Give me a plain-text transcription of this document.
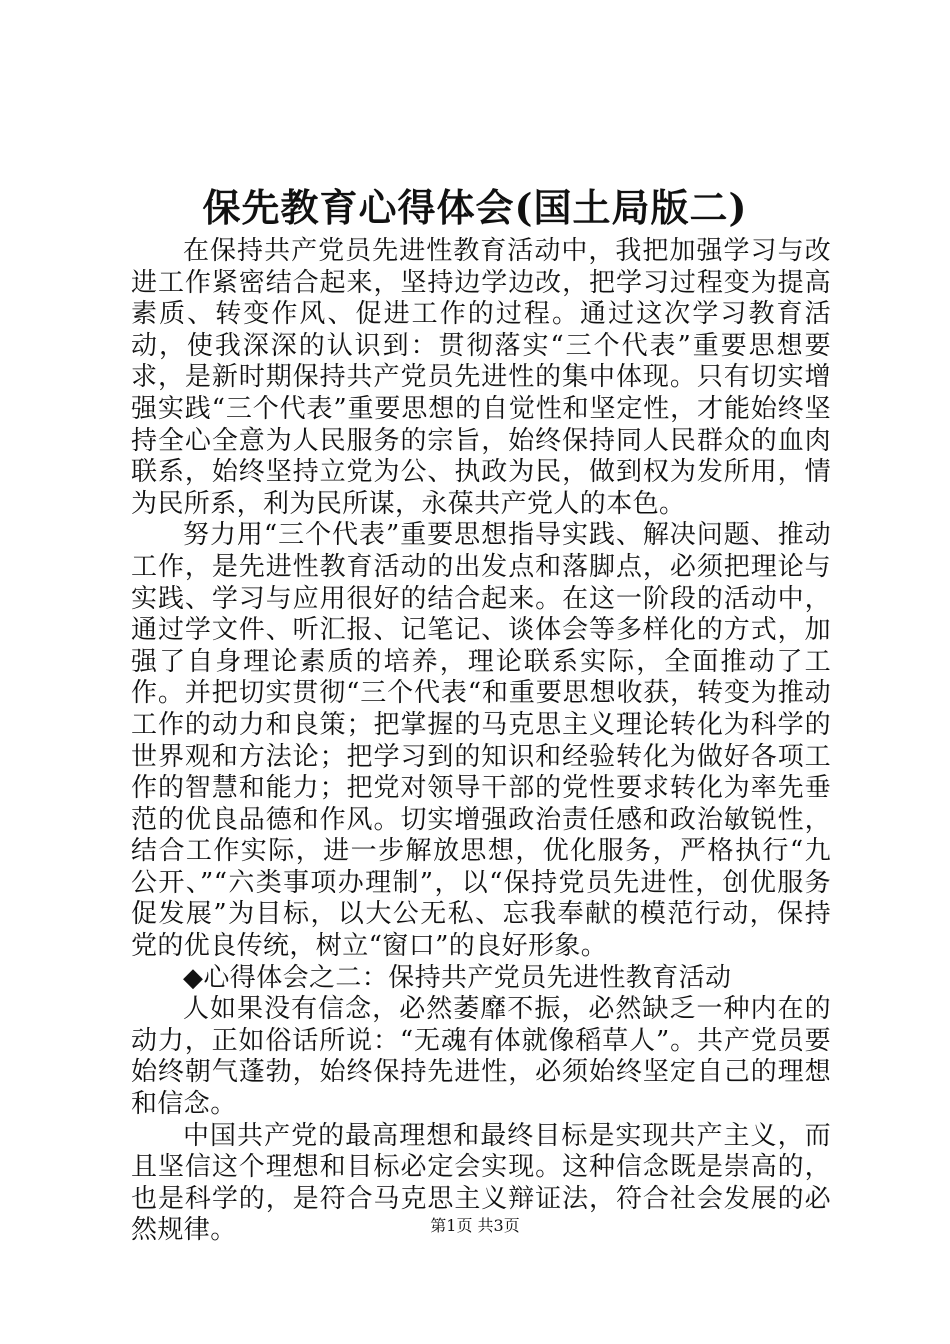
保先教育心得体会(国土局版二)

在保持共产党员先进性教育活动中，我把加强学习与改进工作紧密结合起来，坚持边学边改，把学习过程变为提高素质、转变作风、促进工作的过程。通过这次学习教育活动，使我深深的认识到：贯彻落实“三个代表”重要思想要求，是新时期保持共产党员先进性的集中体现。只有切实增强实践“三个代表”重要思想的自觉性和坚定性，才能始终坚持全心全意为人民服务的宗旨，始终保持同人民群众的血肉联系，始终坚持立党为公、执政为民，做到权为发所用，情为民所系，利为民所谋，永葆共产党人的本色。

努力用“三个代表”重要思想指导实践、解决问题、推动工作，是先进性教育活动的出发点和落脚点，必须把理论与实践、学习与应用很好的结合起来。在这一阶段的活动中，通过学文件、听汇报、记笔记、谈体会等多样化的方式，加强了自身理论素质的培养，理论联系实际，全面推动了工作。并把切实贯彻“三个代表“和重要思想收获，转变为推动工作的动力和良策；把掌握的马克思主义理论转化为科学的世界观和方法论；把学习到的知识和经验转化为做好各项工作的智慧和能力；把党对领导干部的党性要求转化为率先垂范的优良品德和作风。切实增强政治责任感和政治敏锐性，结合工作实际，进一步解放思想，优化服务，严格执行“九公开、”“六类事项办理制”，以“保持党员先进性，创优服务促发展”为目标，以大公无私、忘我奉献的模范行动，保持党的优良传统，树立“窗口”的良好形象。

◆心得体会之二：保持共产党员先进性教育活动

人如果没有信念，必然萎靡不振，必然缺乏一种内在的动力，正如俗话所说：“无魂有体就像稻草人”。共产党员要始终朝气蓬勃，始终保持先进性，必须始终坚定自己的理想和信念。

中国共产党的最高理想和最终目标是实现共产主义，而且坚信这个理想和目标必定会实现。这种信念既是崇高的，也是科学的，是符合马克思主义辩证法，符合社会发展的必然规律。	第1页 共3页
